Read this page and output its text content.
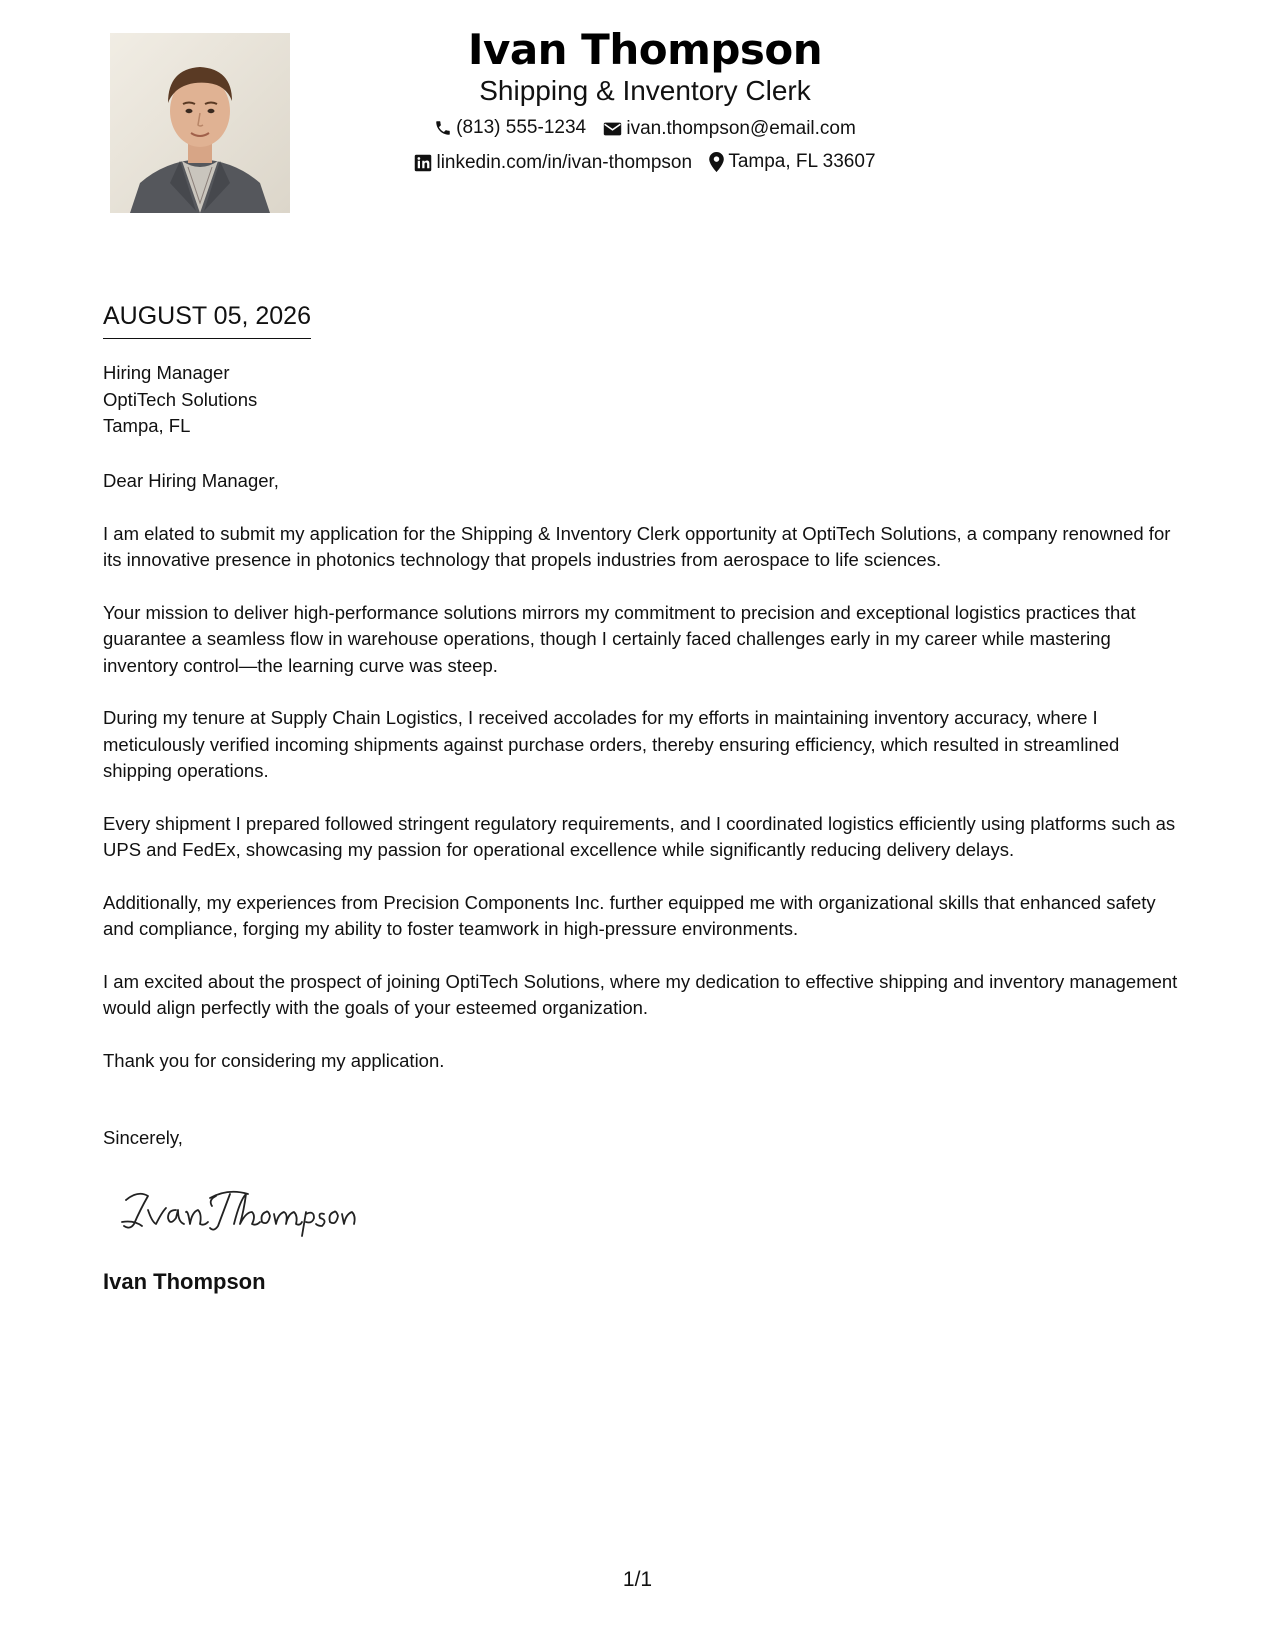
Ivan Thompson
Shipping & Inventory Clerk
(813) 555-1234
ivan.thompson@email.com
linkedin.com/in/ivan-thompson
Tampa, FL 33607
AUGUST 05, 2026
Hiring Manager
OptiTech Solutions
Tampa, FL

Dear Hiring Manager,

I am elated to submit my application for the Shipping & Inventory Clerk opportunity at OptiTech Solutions, a company renowned for its innovative presence in photonics technology that propels industries from aerospace to life sciences.

Your mission to deliver high-performance solutions mirrors my commitment to precision and exceptional logistics practices that guarantee a seamless flow in warehouse operations, though I certainly faced challenges early in my career while mastering inventory control—the learning curve was steep.

During my tenure at Supply Chain Logistics, I received accolades for my efforts in maintaining inventory accuracy, where I meticulously verified incoming shipments against purchase orders, thereby ensuring efficiency, which resulted in streamlined shipping operations.

Every shipment I prepared followed stringent regulatory requirements, and I coordinated logistics efficiently using platforms such as UPS and FedEx, showcasing my passion for operational excellence while significantly reducing delivery delays.

Additionally, my experiences from Precision Components Inc. further equipped me with organizational skills that enhanced safety and compliance, forging my ability to foster teamwork in high-pressure environments.

I am excited about the prospect of joining OptiTech Solutions, where my dedication to effective shipping and inventory management would align perfectly with the goals of your esteemed organization.

Thank you for considering my application.

Sincerely,
Ivan Thompson
1/1
